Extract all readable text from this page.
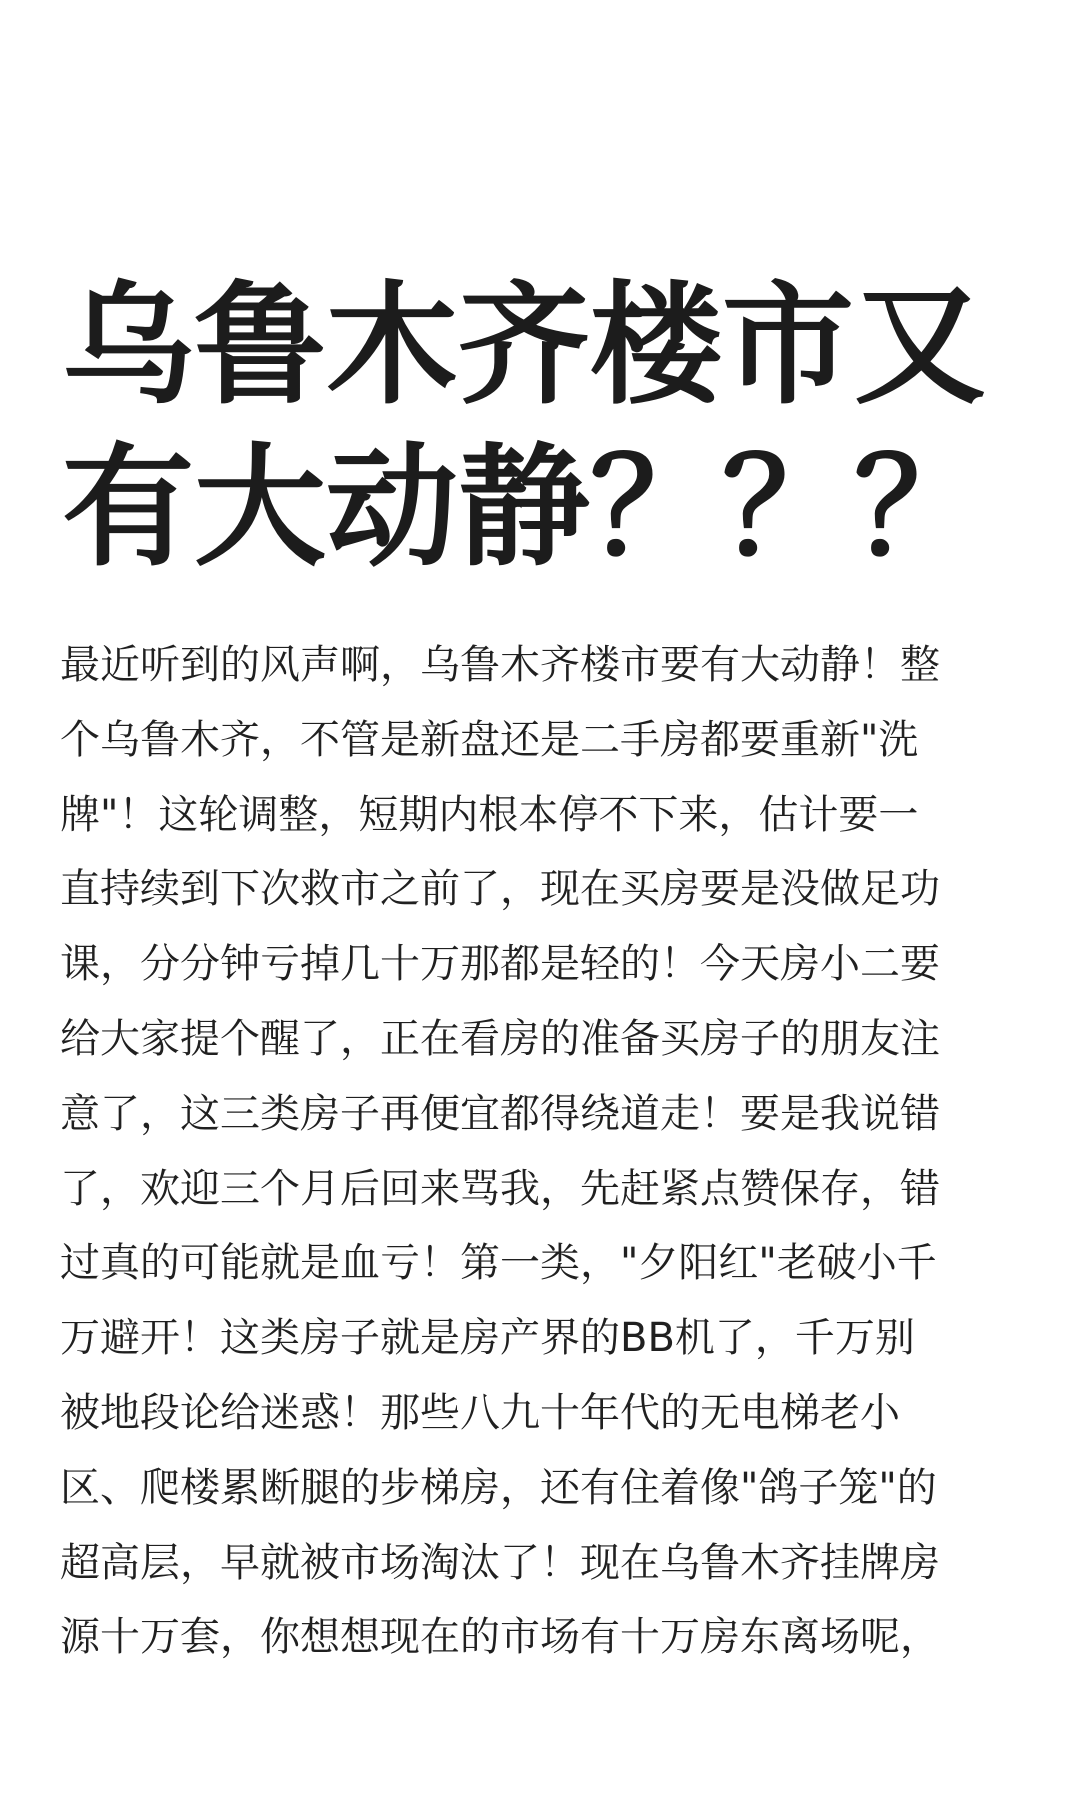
乌鲁木齐楼市又
有大动静？？？
最近听到的风声啊，乌鲁木齐楼市要有大动静！整
个乌鲁木齐，不管是新盘还是二手房都要重新"洗
牌"！这轮调整，短期内根本停不下来，估计要一
直持续到下次救市之前了，现在买房要是没做足功
课，分分钟亏掉几十万那都是轻的！今天房小二要
给大家提个醒了，正在看房的准备买房子的朋友注
意了，这三类房子再便宜都得绕道走！要是我说错
了，欢迎三个月后回来骂我，先赶紧点赞保存，错
过真的可能就是血亏！第一类，"夕阳红"老破小千
万避开！这类房子就是房产界的BB机了，千万别
被地段论给迷惑！那些八九十年代的无电梯老小
区、爬楼累断腿的步梯房，还有住着像"鸽子笼"的
超高层，早就被市场淘汰了！现在乌鲁木齐挂牌房
源十万套，你想想现在的市场有十万房东离场呢，
